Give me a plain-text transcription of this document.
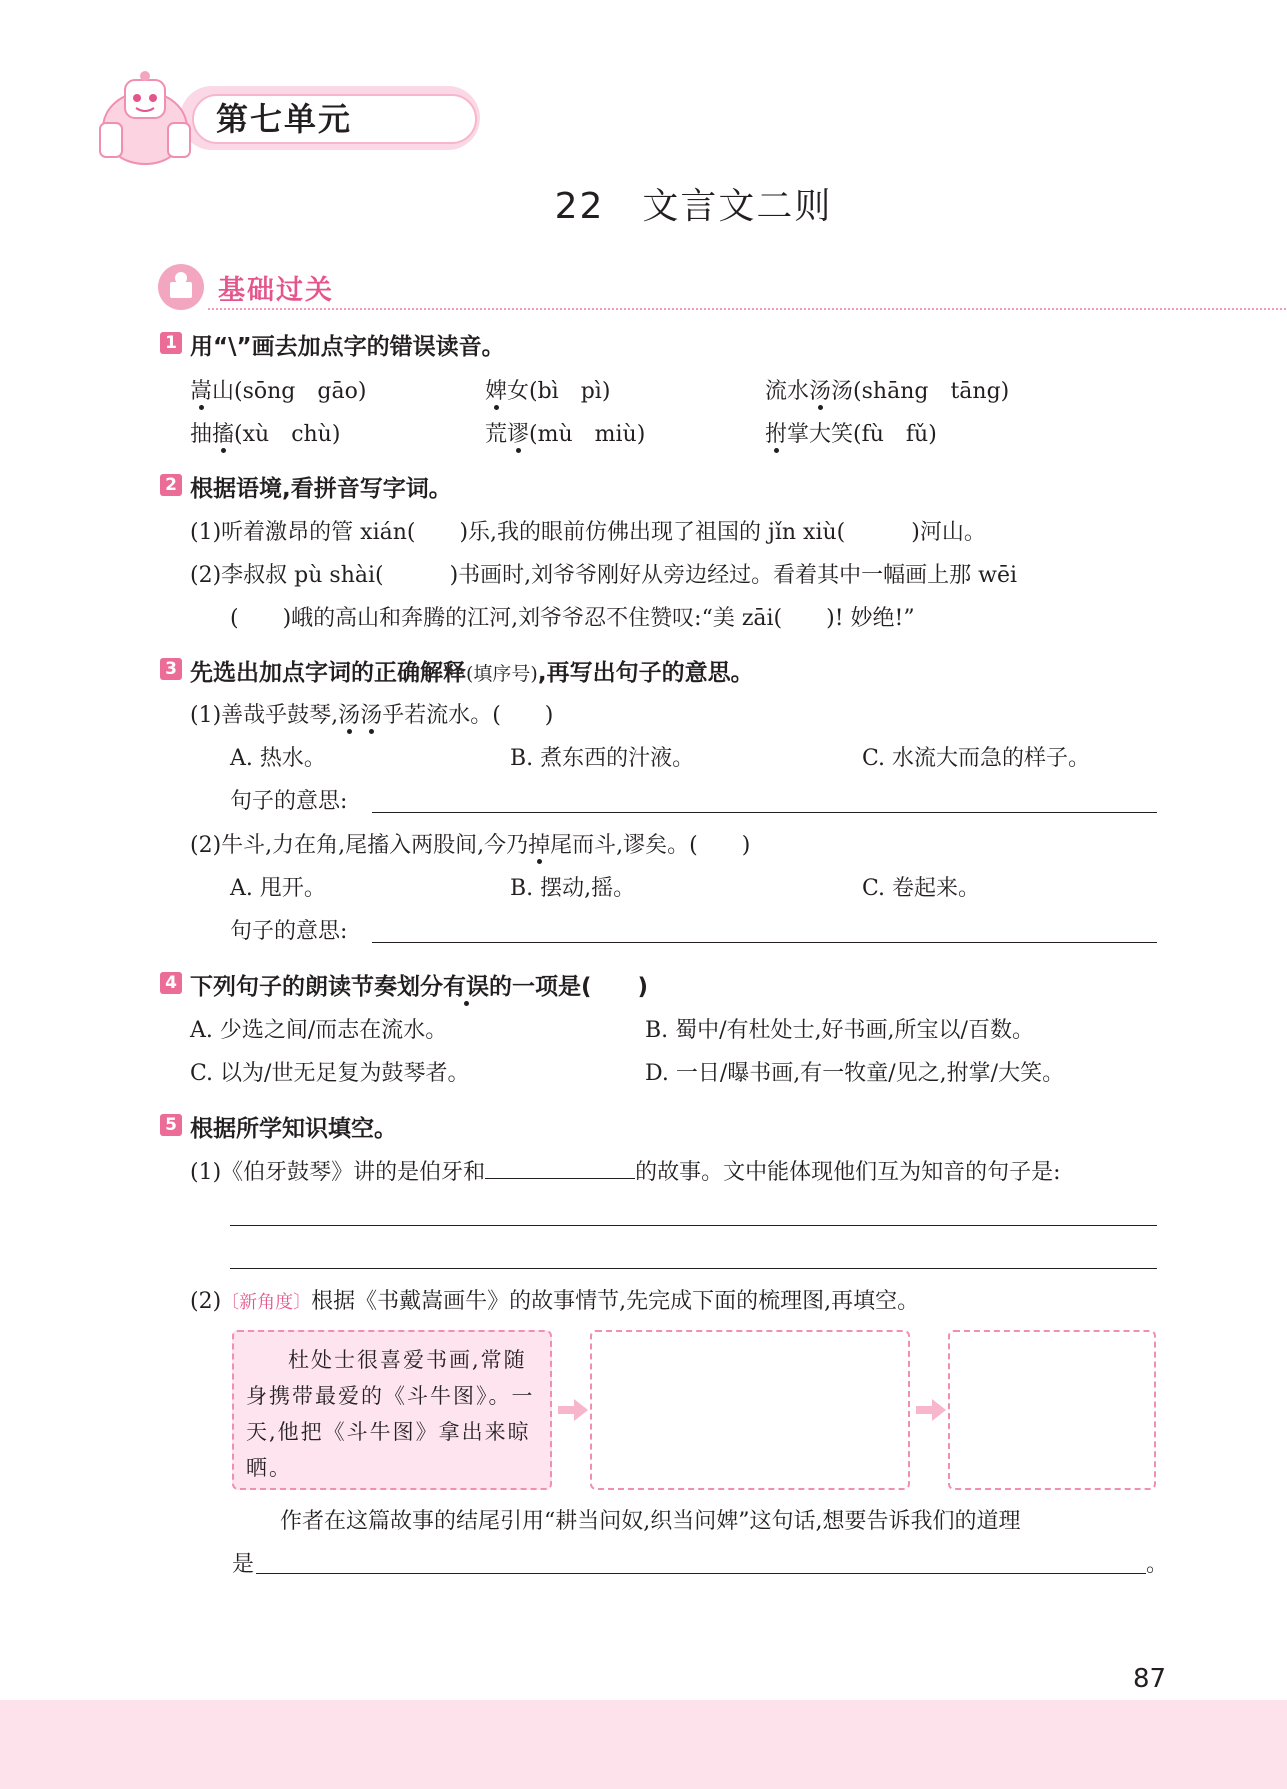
第七单元
22　文言文二则
基础过关
1 用“\”画去加点字的错误读音。
嵩山(sōng　gāo)	婢女(bì　pì)	流水汤汤(shāng　tāng)
抽搐(xù　chù)	荒谬(mù　miù)	拊掌大笑(fù　fǔ)
2 根据语境,看拼音写字词。
(1)听着激昂的管 xián(　　)乐,我的眼前仿佛出现了祖国的 jǐn xiù(　　　)河山。
(2)李叔叔 pù shài(　　　)书画时,刘爷爷刚好从旁边经过。看着其中一幅画上那 wēi
(　　)峨的高山和奔腾的江河,刘爷爷忍不住赞叹:“美 zāi(　　)! 妙绝!”
3 先选出加点字词的正确解释(填序号),再写出句子的意思。
(1)善哉乎鼓琴,汤汤乎若流水。(　　)
A. 热水。	B. 煮东西的汁液。	C. 水流大而急的样子。
句子的意思:
(2)牛斗,力在角,尾搐入两股间,今乃掉尾而斗,谬矣。(　　)
A. 甩开。	B. 摆动,摇。	C. 卷起来。
句子的意思:
4 下列句子的朗读节奏划分有误的一项是(　　)
A. 少选之间/而志在流水。	B. 蜀中/有杜处士,好书画,所宝以/百数。
C. 以为/世无足复为鼓琴者。	D. 一日/曝书画,有一牧童/见之,拊掌/大笑。
5 根据所学知识填空。
(1)《伯牙鼓琴》讲的是伯牙和	的故事。文中能体现他们互为知音的句子是:
(2)〔新角度〕根据《书戴嵩画牛》的故事情节,先完成下面的梳理图,再填空。
杜处士很喜爱书画,常随身携带最爱的《斗牛图》。一天,他把《斗牛图》拿出来晾晒。
作者在这篇故事的结尾引用“耕当问奴,织当问婢”这句话,想要告诉我们的道理
是	。
87
